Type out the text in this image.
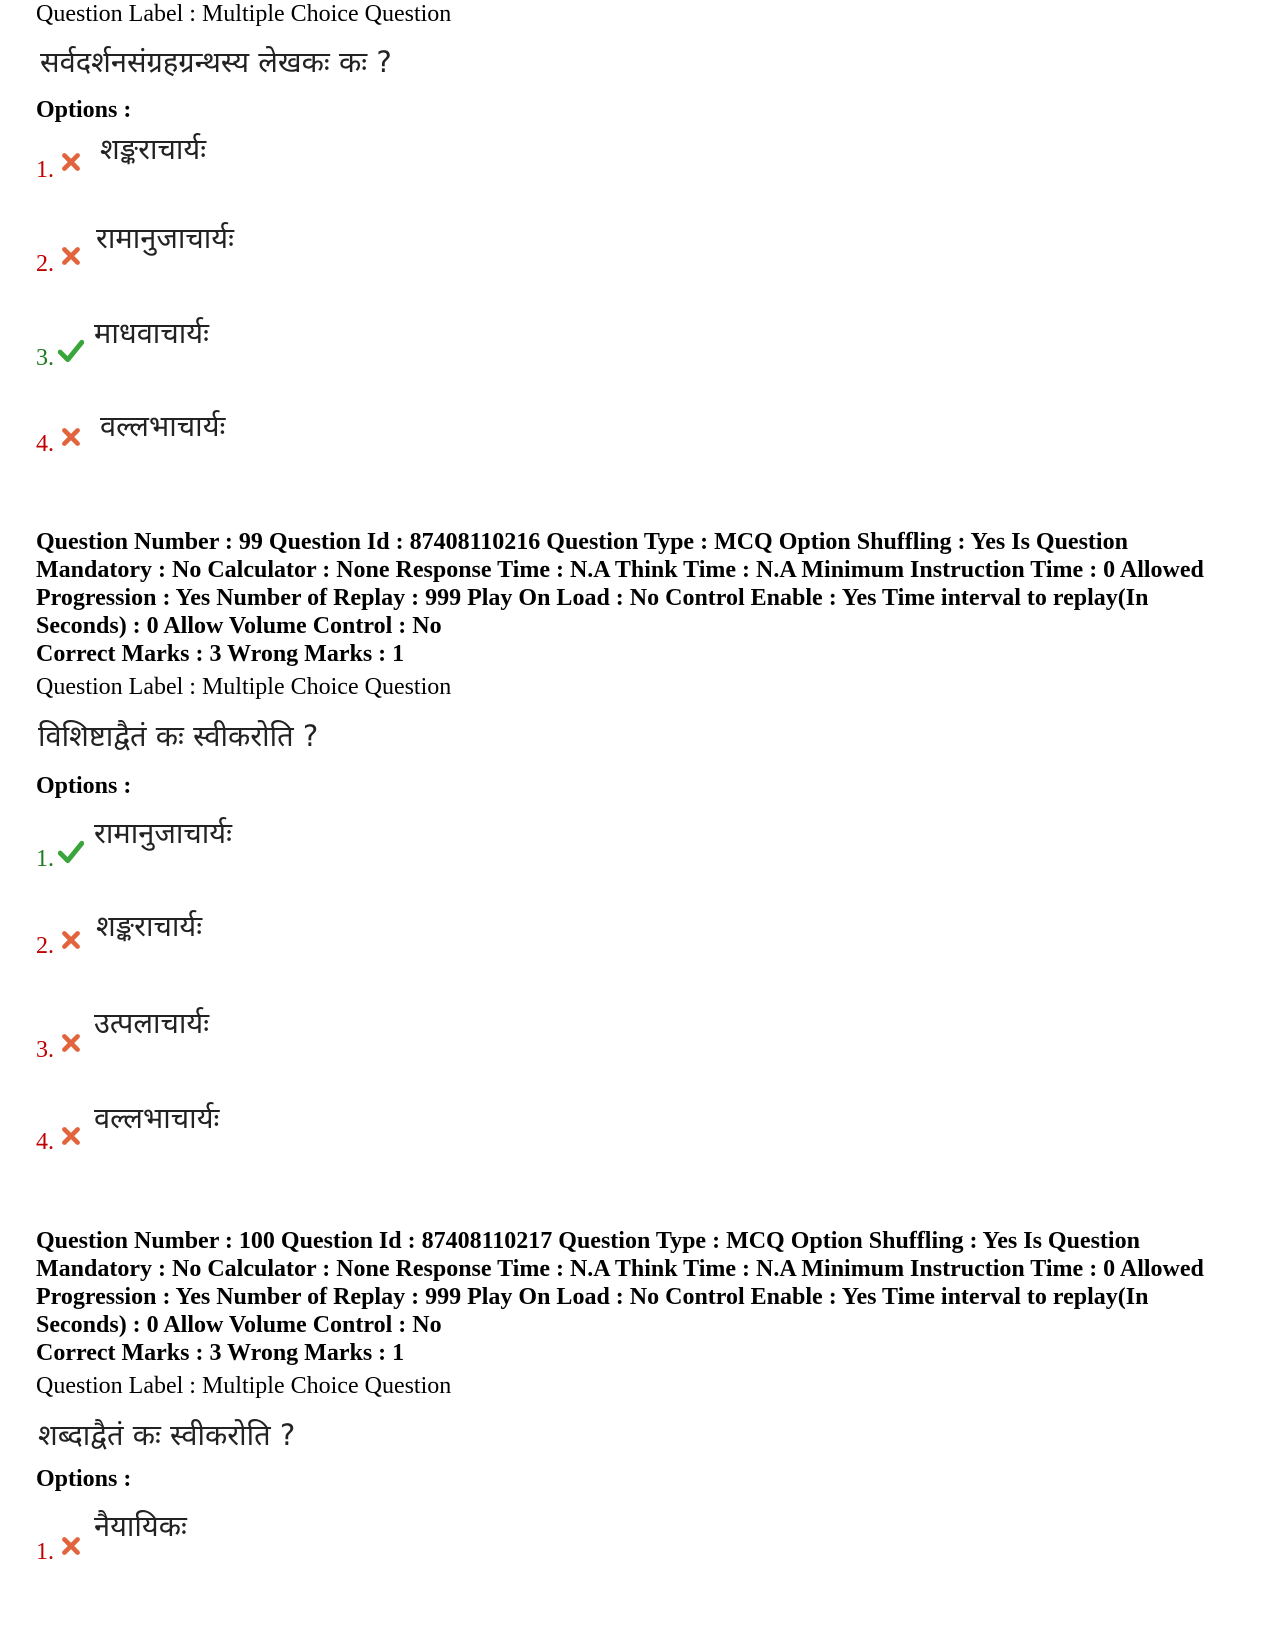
Question Label : Multiple Choice Question
सर्वदर्शनसंग्रहग्रन्थस्य लेखकः कः ?
Options :
1.
शङ्कराचार्यः
2.
रामानुजाचार्यः
3.
माधवाचार्यः
4.
वल्लभाचार्यः
Question Number : 99 Question Id : 87408110216 Question Type : MCQ Option Shuffling : Yes Is Question Mandatory : No Calculator : None Response Time : N.A Think Time : N.A Minimum Instruction Time : 0 Allowed Progression : Yes Number of Replay : 999 Play On Load : No Control Enable : Yes Time interval to replay(In Seconds) : 0 Allow Volume Control : No
Correct Marks : 3 Wrong Marks : 1
Question Label : Multiple Choice Question
विशिष्टाद्वैतं कः स्वीकरोति ?
Options :
1.
रामानुजाचार्यः
2.
शङ्कराचार्यः
3.
उत्पलाचार्यः
4.
वल्लभाचार्यः
Question Number : 100 Question Id : 87408110217 Question Type : MCQ Option Shuffling : Yes Is Question Mandatory : No Calculator : None Response Time : N.A Think Time : N.A Minimum Instruction Time : 0 Allowed Progression : Yes Number of Replay : 999 Play On Load : No Control Enable : Yes Time interval to replay(In Seconds) : 0 Allow Volume Control : No
Correct Marks : 3 Wrong Marks : 1
Question Label : Multiple Choice Question
शब्दाद्वैतं कः स्वीकरोति ?
Options :
1.
नैयायिकः
